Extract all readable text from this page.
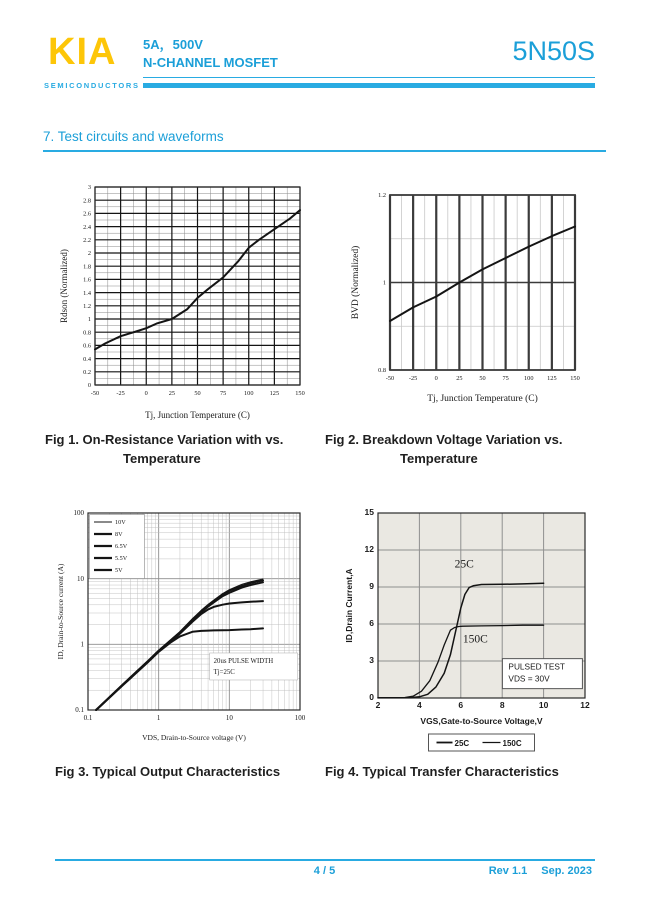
KIA
SEMICONDUCTORS
5A，500V
N-CHANNEL MOSFET	5N50S
7. Test circuits and waveforms
-50	-25	0	25	50	75	100	125	150
0
0.2
0.4
0.6
0.8
1
1.2
1.4
1.6
1.8
2
2.2
2.4
2.6
2.8
3
Tj, Junction Temperature (C)
Rdson (Normalized)
-50 -25	0	25	50	75 100 125 150
0.8
1
1.2
Tj, Junction Temperature (C)
BVD (Normalized)
0.1	1	10	100
0.1
1
10
100
VDS, Drain-to-Source voltage (V)
ID, Drain-to-Source current (A)
10V
8V
6.5V
5.5V
5V
20us PULSE WIDTH
Tj=25C
2	4	6	8	10	12
0
3
6
9
12
15
VGS,Gate-to-Source Voltage,V
ID,Drain Current,A
PULSED TEST
VDS = 30V
25C
150C
25C	150C
Fig 1. On-Resistance Variation with vs.
Temperature
Fig 2. Breakdown Voltage Variation vs.
Temperature
Fig 3. Typical Output Characteristics	Fig 4. Typical Transfer Characteristics
4 / 5	Rev 1.1 Sep. 2023
